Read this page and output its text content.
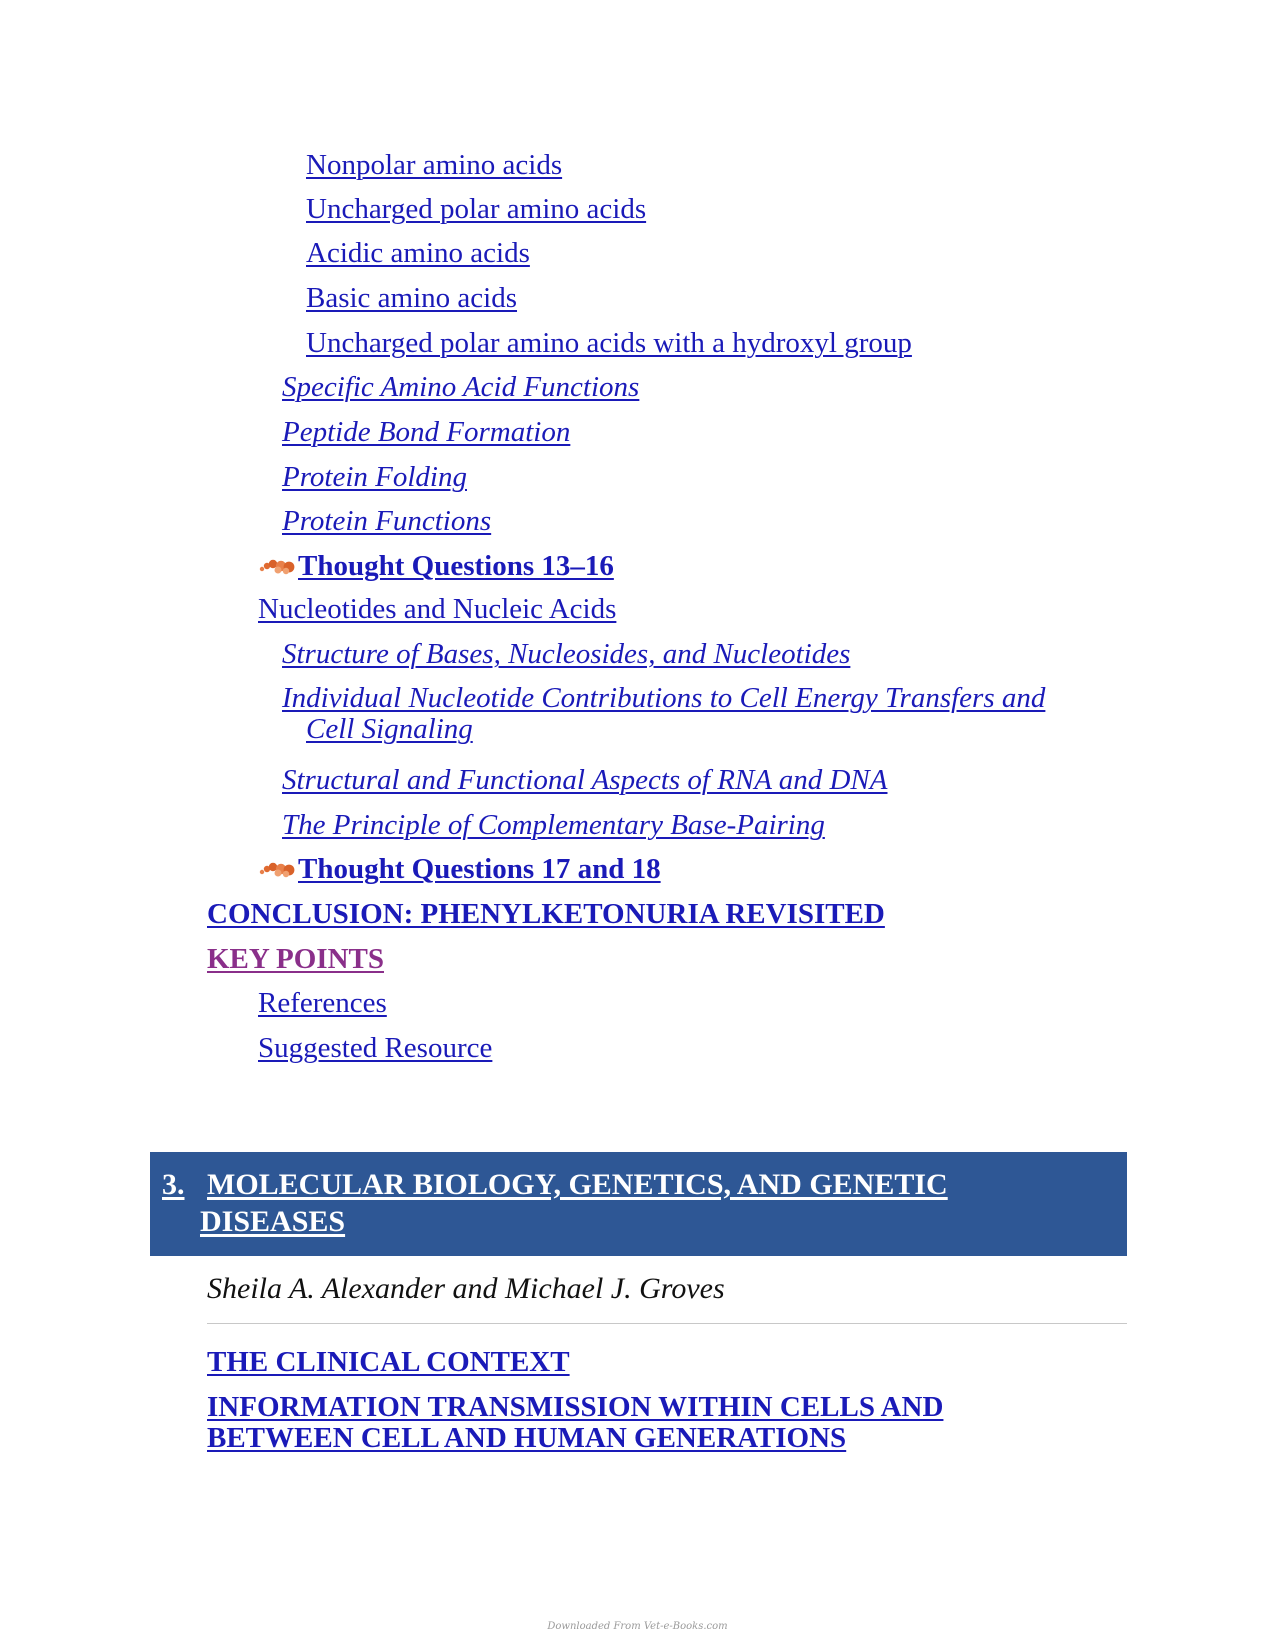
Nonpolar amino acids
Uncharged polar amino acids
Acidic amino acids
Basic amino acids
Uncharged polar amino acids with a hydroxyl group
Specific Amino Acid Functions
Peptide Bond Formation
Protein Folding
Protein Functions
Thought Questions 13–16
Nucleotides and Nucleic Acids
Structure of Bases, Nucleosides, and Nucleotides
Individual Nucleotide Contributions to Cell Energy Transfers and
Cell Signaling
Structural and Functional Aspects of RNA and DNA
The Principle of Complementary Base-Pairing
Thought Questions 17 and 18
CONCLUSION: PHENYLKETONURIA REVISITED
KEY POINTS
References
Suggested Resource
3. MOLECULAR BIOLOGY, GENETICS, AND GENETIC
DISEASES
Sheila A. Alexander and Michael J. Groves
THE CLINICAL CONTEXT
INFORMATION TRANSMISSION WITHIN CELLS AND
BETWEEN CELL AND HUMAN GENERATIONS
Downloaded From Vet-e-Books.com
